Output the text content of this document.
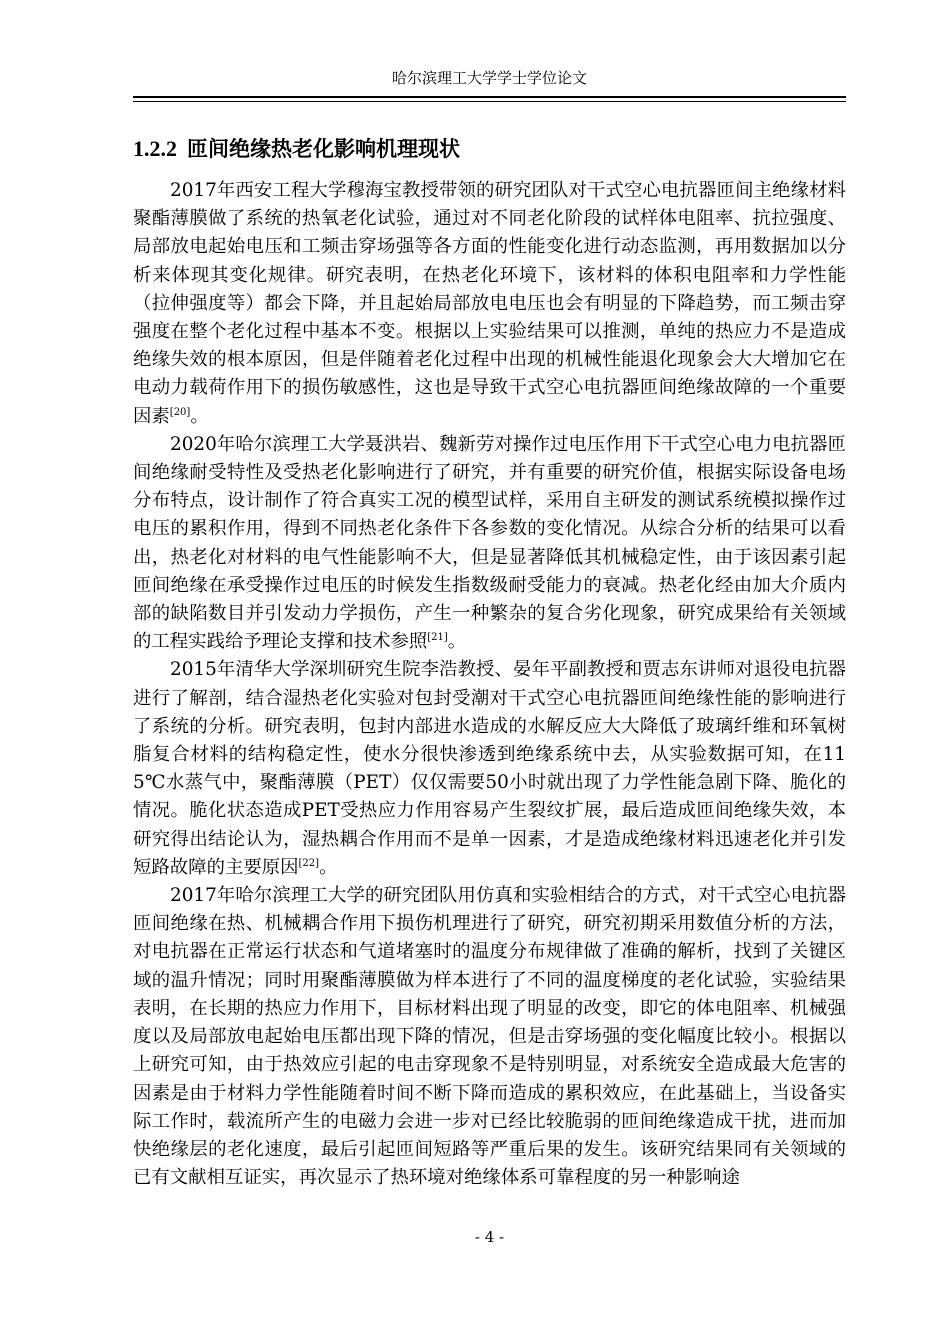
哈尔滨理工大学学士学位论文
1.2.2 匝间绝缘热老化影响机理现状

2017年西安工程大学穆海宝教授带领的研究团队对干式空心电抗器匝间主绝缘材料聚酯薄膜做了系统的热氧老化试验，通过对不同老化阶段的试样体电阻率、抗拉强度、局部放电起始电压和工频击穿场强等各方面的性能变化进行动态监测，再用数据加以分析来体现其变化规律。研究表明，在热老化环境下，该材料的体积电阻率和力学性能（拉伸强度等）都会下降，并且起始局部放电电压也会有明显的下降趋势，而工频击穿强度在整个老化过程中基本不变。根据以上实验结果可以推测，单纯的热应力不是造成绝缘失效的根本原因，但是伴随着老化过程中出现的机械性能退化现象会大大增加它在电动力载荷作用下的损伤敏感性，这也是导致干式空心电抗器匝间绝缘故障的一个重要因素[20]。

2020年哈尔滨理工大学聂洪岩、魏新劳对操作过电压作用下干式空心电力电抗器匝间绝缘耐受特性及受热老化影响进行了研究，并有重要的研究价值，根据实际设备电场分布特点，设计制作了符合真实工况的模型试样，采用自主研发的测试系统模拟操作过电压的累积作用，得到不同热老化条件下各参数的变化情况。从综合分析的结果可以看出，热老化对材料的电气性能影响不大，但是显著降低其机械稳定性，由于该因素引起匝间绝缘在承受操作过电压的时候发生指数级耐受能力的衰减。热老化经由加大介质内部的缺陷数目并引发动力学损伤，产生一种繁杂的复合劣化现象，研究成果给有关领域的工程实践给予理论支撑和技术参照[21]。

2015年清华大学深圳研究生院李浩教授、晏年平副教授和贾志东讲师对退役电抗器进行了解剖，结合湿热老化实验对包封受潮对干式空心电抗器匝间绝缘性能的影响进行了系统的分析。研究表明，包封内部进水造成的水解反应大大降低了玻璃纤维和环氧树脂复合材料的结构稳定性，使水分很快渗透到绝缘系统中去，从实验数据可知，在115℃水蒸气中，聚酯薄膜（PET）仅仅需要50小时就出现了力学性能急剧下降、脆化的情况。脆化状态造成PET受热应力作用容易产生裂纹扩展，最后造成匝间绝缘失效，本研究得出结论认为，湿热耦合作用而不是单一因素，才是造成绝缘材料迅速老化并引发短路故障的主要原因[22]。

2017年哈尔滨理工大学的研究团队用仿真和实验相结合的方式，对干式空心电抗器匝间绝缘在热、机械耦合作用下损伤机理进行了研究，研究初期采用数值分析的方法，对电抗器在正常运行状态和气道堵塞时的温度分布规律做了准确的解析，找到了关键区域的温升情况；同时用聚酯薄膜做为样本进行了不同的温度梯度的老化试验，实验结果表明，在长期的热应力作用下，目标材料出现了明显的改变，即它的体电阻率、机械强度以及局部放电起始电压都出现下降的情况，但是击穿场强的变化幅度比较小。根据以上研究可知，由于热效应引起的电击穿现象不是特别明显，对系统安全造成最大危害的因素是由于材料力学性能随着时间不断下降而造成的累积效应，在此基础上，当设备实际工作时，载流所产生的电磁力会进一步对已经比较脆弱的匝间绝缘造成干扰，进而加快绝缘层的老化速度，最后引起匝间短路等严重后果的发生。该研究结果同有关领域的已有文献相互证实，再次显示了热环境对绝缘体系可靠程度的另一种影响途

- 4 -
